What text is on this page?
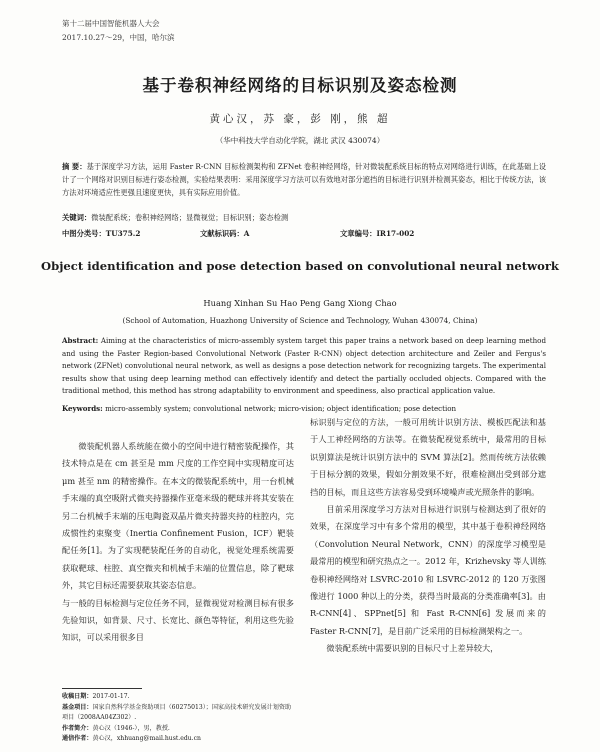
第十二届中国智能机器人大会
2017.10.27～29，中国，哈尔滨
基于卷积神经网络的目标识别及姿态检测
黄心汉，苏 豪，彭 刚，熊 超
（华中科技大学自动化学院，湖北 武汉 430074）
摘 要：基于深度学习方法，运用 Faster R-CNN 目标检测架构和 ZFNet 卷积神经网络，针对微装配系统目标的特点对网络进行训练，在此基础上设计了一个网络对识别目标进行姿态检测，实验结果表明：采用深度学习方法可以有效地对部分遮挡的目标进行识别并检测其姿态，相比于传统方法，该方法对环境适应性更强且速度更快，具有实际应用价值。
关键词：微装配系统；卷积神经网络；显微视觉；目标识别；姿态检测
中图分类号：TU375.2	文献标识码：A	文章编号：IR17-002
Object identification and pose detection based on convolutional neural network
Huang Xinhan Su Hao Peng Gang Xiong Chao
(School of Automation, Huazhong University of Science and Technology, Wuhan 430074, China)
Abstract: Aiming at the characteristics of micro-assembly system target this paper trains a network based on deep learning method and using the Faster Region-based Convolutional Network (Faster R-CNN) object detection architecture and Zeiler and Fergus's network (ZFNet) convolutional neural network, as well as designs a pose detection network for recognizing targets. The experimental results show that using deep learning method can effectively identify and detect the partially occluded objects. Compared with the traditional method, this method has strong adaptability to environment and speediness, also practical application value.
Keywords: micro-assembly system; convolutional network; micro-vision; object identification; pose detection

微装配机器人系统能在微小的空间中进行精密装配操作，其技术特点是在 cm 甚至是 mm 尺度的工作空间中实现精度可达 μm 甚至 nm 的精密操作。在本文的微装配系统中，用一台机械手末端的真空吸附式微夹持器操作亚毫米级的靶球并将其安装在另二台机械手末端的压电陶瓷双晶片微夹持器夹持的柱腔内，完成惯性约束聚变（Inertia Confinement Fusion，ICF）靶装配任务[1]。为了实现靶装配任务的自动化，视觉处理系统需要获取靶球、柱腔、真空微夹和机械手末端的位置信息，除了靶球外，其它目标还需要获取其姿态信息。

与一般的目标检测与定位任务不同，显微视觉对检测目标有很多先验知识，如背景、尺寸、长宽比、颜色等特征，利用这些先验知识，可以采用很多目

收稿日期：2017-01-17.
基金项目：国家自然科学基金资助项目（60275013）；国家高技术研究发展计划资助项目（2008AA04Z302）.
作者简介：黄心汉（1946-），男，教授.
通信作者：黄心汉，xhhuang@mail.hust.edu.cn

标识别与定位的方法，一般可用统计识别方法、模板匹配法和基于人工神经网络的方法等。在微装配视觉系统中，最常用的目标识别算法是统计识别方法中的 SVM 算法[2]。然而传统方法依赖于目标分割的效果，假如分割效果不好，很难检测出受到部分遮挡的目标，而且这些方法容易受到环境噪声或光照条件的影响。

目前采用深度学习方法对目标进行识别与检测达到了很好的效果，在深度学习中有多个常用的模型，其中基于卷积神经网络（Convolution Neural Network，CNN）的深度学习模型是最常用的模型和研究热点之一。2012 年，Krizhevsky 等人训练卷积神经网络对 LSVRC-2010 和 LSVRC-2012 的 120 万张图像进行 1000 种以上的分类，获得当时最高的分类准确率[3]。由 R-CNN[4]、SPPnet[5] 和 Fast R-CNN[6] 发展而来的 Faster R-CNN[7]，是目前广泛采用的目标检测架构之一。

微装配系统中需要识别的目标尺寸上差异较大，
